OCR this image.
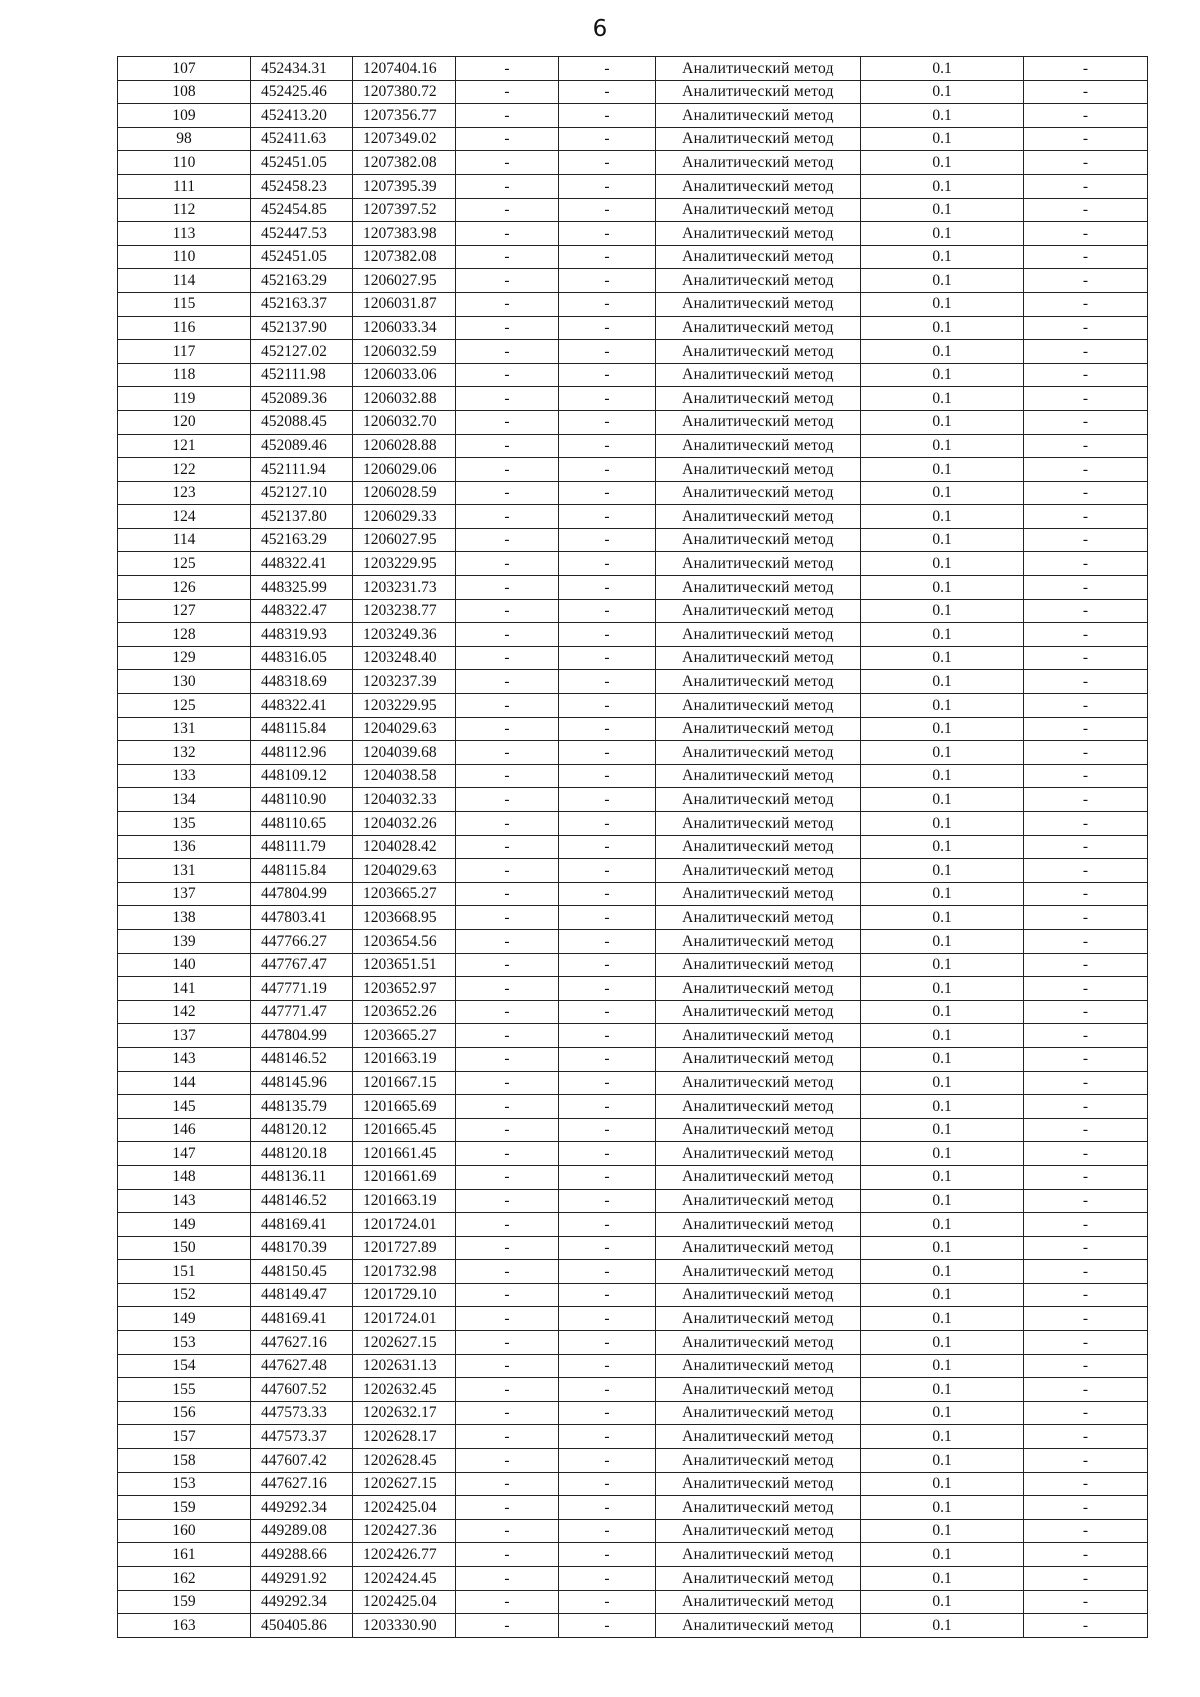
6
107	452434.31	1207404.16	-	-	Аналитический метод	0.1	-
108	452425.46	1207380.72	-	-	Аналитический метод	0.1	-
109	452413.20	1207356.77	-	-	Аналитический метод	0.1	-
98	452411.63	1207349.02	-	-	Аналитический метод	0.1	-
110	452451.05	1207382.08	-	-	Аналитический метод	0.1	-
111	452458.23	1207395.39	-	-	Аналитический метод	0.1	-
112	452454.85	1207397.52	-	-	Аналитический метод	0.1	-
113	452447.53	1207383.98	-	-	Аналитический метод	0.1	-
110	452451.05	1207382.08	-	-	Аналитический метод	0.1	-
114	452163.29	1206027.95	-	-	Аналитический метод	0.1	-
115	452163.37	1206031.87	-	-	Аналитический метод	0.1	-
116	452137.90	1206033.34	-	-	Аналитический метод	0.1	-
117	452127.02	1206032.59	-	-	Аналитический метод	0.1	-
118	452111.98	1206033.06	-	-	Аналитический метод	0.1	-
119	452089.36	1206032.88	-	-	Аналитический метод	0.1	-
120	452088.45	1206032.70	-	-	Аналитический метод	0.1	-
121	452089.46	1206028.88	-	-	Аналитический метод	0.1	-
122	452111.94	1206029.06	-	-	Аналитический метод	0.1	-
123	452127.10	1206028.59	-	-	Аналитический метод	0.1	-
124	452137.80	1206029.33	-	-	Аналитический метод	0.1	-
114	452163.29	1206027.95	-	-	Аналитический метод	0.1	-
125	448322.41	1203229.95	-	-	Аналитический метод	0.1	-
126	448325.99	1203231.73	-	-	Аналитический метод	0.1	-
127	448322.47	1203238.77	-	-	Аналитический метод	0.1	-
128	448319.93	1203249.36	-	-	Аналитический метод	0.1	-
129	448316.05	1203248.40	-	-	Аналитический метод	0.1	-
130	448318.69	1203237.39	-	-	Аналитический метод	0.1	-
125	448322.41	1203229.95	-	-	Аналитический метод	0.1	-
131	448115.84	1204029.63	-	-	Аналитический метод	0.1	-
132	448112.96	1204039.68	-	-	Аналитический метод	0.1	-
133	448109.12	1204038.58	-	-	Аналитический метод	0.1	-
134	448110.90	1204032.33	-	-	Аналитический метод	0.1	-
135	448110.65	1204032.26	-	-	Аналитический метод	0.1	-
136	448111.79	1204028.42	-	-	Аналитический метод	0.1	-
131	448115.84	1204029.63	-	-	Аналитический метод	0.1	-
137	447804.99	1203665.27	-	-	Аналитический метод	0.1	-
138	447803.41	1203668.95	-	-	Аналитический метод	0.1	-
139	447766.27	1203654.56	-	-	Аналитический метод	0.1	-
140	447767.47	1203651.51	-	-	Аналитический метод	0.1	-
141	447771.19	1203652.97	-	-	Аналитический метод	0.1	-
142	447771.47	1203652.26	-	-	Аналитический метод	0.1	-
137	447804.99	1203665.27	-	-	Аналитический метод	0.1	-
143	448146.52	1201663.19	-	-	Аналитический метод	0.1	-
144	448145.96	1201667.15	-	-	Аналитический метод	0.1	-
145	448135.79	1201665.69	-	-	Аналитический метод	0.1	-
146	448120.12	1201665.45	-	-	Аналитический метод	0.1	-
147	448120.18	1201661.45	-	-	Аналитический метод	0.1	-
148	448136.11	1201661.69	-	-	Аналитический метод	0.1	-
143	448146.52	1201663.19	-	-	Аналитический метод	0.1	-
149	448169.41	1201724.01	-	-	Аналитический метод	0.1	-
150	448170.39	1201727.89	-	-	Аналитический метод	0.1	-
151	448150.45	1201732.98	-	-	Аналитический метод	0.1	-
152	448149.47	1201729.10	-	-	Аналитический метод	0.1	-
149	448169.41	1201724.01	-	-	Аналитический метод	0.1	-
153	447627.16	1202627.15	-	-	Аналитический метод	0.1	-
154	447627.48	1202631.13	-	-	Аналитический метод	0.1	-
155	447607.52	1202632.45	-	-	Аналитический метод	0.1	-
156	447573.33	1202632.17	-	-	Аналитический метод	0.1	-
157	447573.37	1202628.17	-	-	Аналитический метод	0.1	-
158	447607.42	1202628.45	-	-	Аналитический метод	0.1	-
153	447627.16	1202627.15	-	-	Аналитический метод	0.1	-
159	449292.34	1202425.04	-	-	Аналитический метод	0.1	-
160	449289.08	1202427.36	-	-	Аналитический метод	0.1	-
161	449288.66	1202426.77	-	-	Аналитический метод	0.1	-
162	449291.92	1202424.45	-	-	Аналитический метод	0.1	-
159	449292.34	1202425.04	-	-	Аналитический метод	0.1	-
163	450405.86	1203330.90	-	-	Аналитический метод	0.1	-
